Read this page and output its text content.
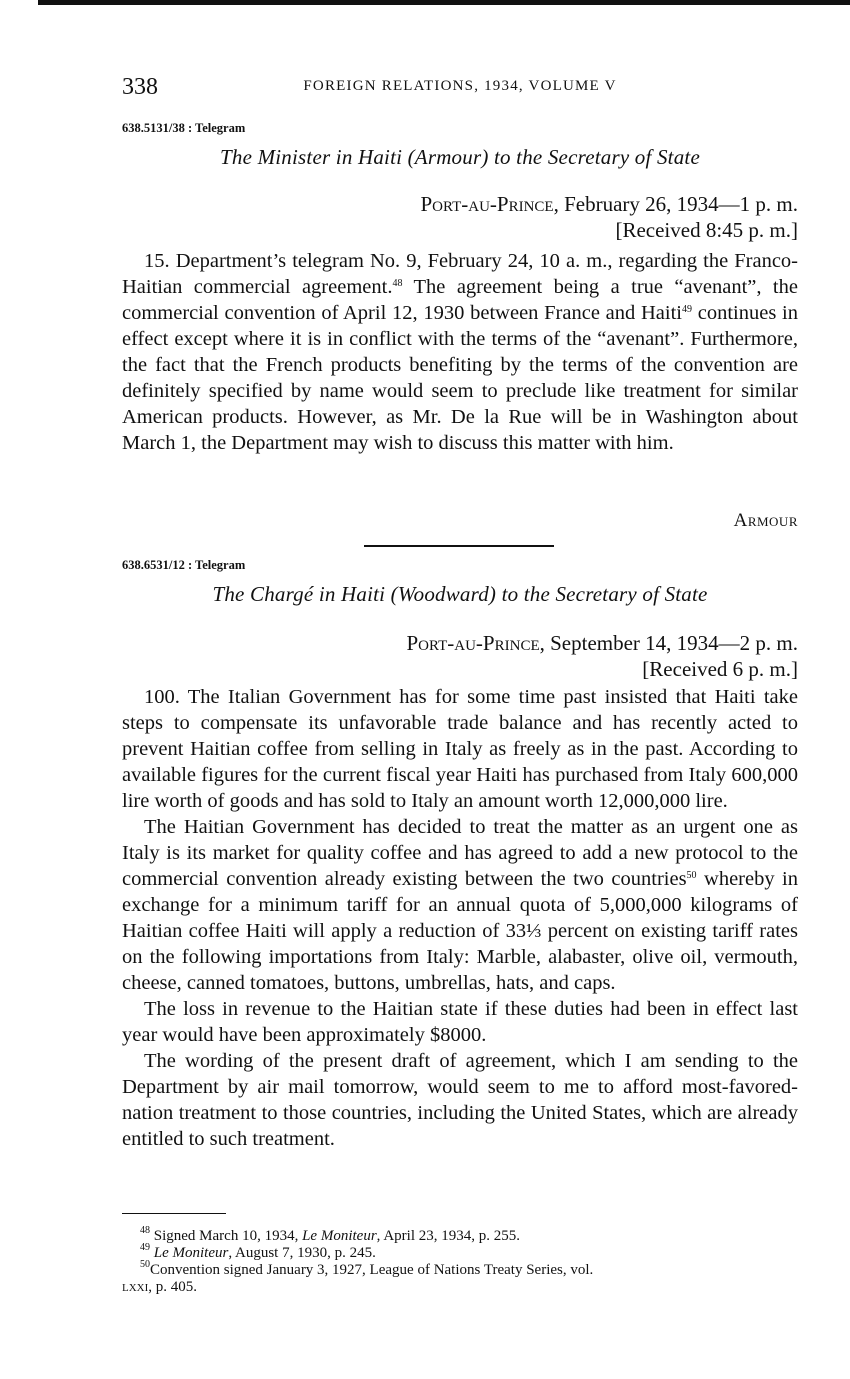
338	FOREIGN RELATIONS, 1934, VOLUME V
638.5131/38 : Telegram
The Minister in Haiti (Armour) to the Secretary of State
Port-au-Prince, February 26, 1934—1 p. m.
[Received 8:45 p. m.]

15. Department’s telegram No. 9, February 24, 10 a. m., regarding the Franco-Haitian commercial agreement.$^{48}$ The agreement being a true “avenant”, the commercial convention of April 12, 1930 between France and Haiti$^{49}$ continues in effect except where it is in conflict with the terms of the “avenant”. Furthermore, the fact that the French products benefiting by the terms of the convention are definitely specified by name would seem to preclude like treatment for similar American products. However, as Mr. De la Rue will be in Washington about March 1, the Department may wish to discuss this matter with him.

Armour
638.6531/12 : Telegram
The Chargé in Haiti (Woodward) to the Secretary of State
Port-au-Prince, September 14, 1934—2 p. m.
[Received 6 p. m.]

100. The Italian Government has for some time past insisted that Haiti take steps to compensate its unfavorable trade balance and has recently acted to prevent Haitian coffee from selling in Italy as freely as in the past. According to available figures for the current fiscal year Haiti has purchased from Italy 600,000 lire worth of goods and has sold to Italy an amount worth 12,000,000 lire.

The Haitian Government has decided to treat the matter as an urgent one as Italy is its market for quality coffee and has agreed to add a new protocol to the commercial convention already existing between the two countries$^{50}$ whereby in exchange for a minimum tariff for an annual quota of 5,000,000 kilograms of Haitian coffee Haiti will apply a reduction of 33⅓ percent on existing tariff rates on the following importations from Italy: Marble, alabaster, olive oil, vermouth, cheese, canned tomatoes, buttons, umbrellas, hats, and caps.

The loss in revenue to the Haitian state if these duties had been in effect last year would have been approximately $8000.

The wording of the present draft of agreement, which I am sending to the Department by air mail tomorrow, would seem to me to afford most-favored-nation treatment to those countries, including the United States, which are already entitled to such treatment.

$^{48}$ Signed March 10, 1934, Le Moniteur, April 23, 1934, p. 255.
$^{49}$ Le Moniteur, August 7, 1930, p. 245.
$^{50}$Convention signed January 3, 1927, League of Nations Treaty Series, vol.
lxxi, p. 405.
